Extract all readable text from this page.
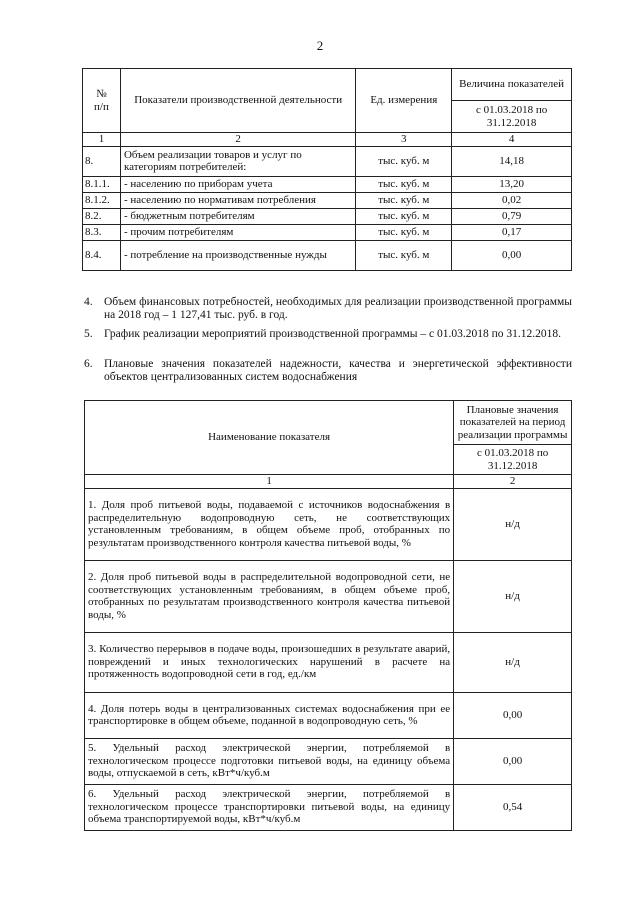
2
№
п/п	Показатели производственной деятельности	Ед. измерения	Величина показателей
			с 01.03.2018 по 31.12.2018
1	2	3	4
8.	Объем реализации товаров и услуг по категориям потребителей:	тыс. куб. м	14,18
8.1.1.	- населению по приборам учета	тыс. куб. м	13,20
8.1.2.	- населению по нормативам потребления	тыс. куб. м	0,02
8.2.	- бюджетным потребителям	тыс. куб. м	0,79
8.3.	- прочим потребителям	тыс. куб. м	0,17
8.4.	- потребление на производственные нужды	тыс. куб. м	0,00
4. Объем финансовых потребностей, необходимых для реализации производственной программы на 2018 год – 1 127,41 тыс. руб. в год.
5. График реализации мероприятий производственной программы – с 01.03.2018 по 31.12.2018.
6. Плановые значения показателей надежности, качества и энергетической эффективности объектов централизованных систем водоснабжения
Наименование показателя	Плановые значения показателей на период реализации программы
	с 01.03.2018 по 31.12.2018
1	2
1. Доля проб питьевой воды, подаваемой с источников водоснабжения в распределительную водопроводную сеть, не соответствующих установленным требованиям, в общем объеме проб, отобранных по результатам производственного контроля качества питьевой воды, %	н/д
2. Доля проб питьевой воды в распределительной водопроводной сети, не соответствующих установленным требованиям, в общем объеме проб, отобранных по результатам производственного контроля качества питьевой воды, %	н/д
3. Количество перерывов в подаче воды, произошедших в результате аварий, повреждений и иных технологических нарушений в расчете на протяженность водопроводной сети в год, ед./км	н/д
4. Доля потерь воды в централизованных системах водоснабжения при ее транспортировке в общем объеме, поданной в водопроводную сеть, %	0,00
5. Удельный расход электрической энергии, потребляемой в технологическом процессе подготовки питьевой воды, на единицу объема воды, отпускаемой в сеть, кВт*ч/куб.м	0,00
6. Удельный расход электрической энергии, потребляемой в технологическом процессе транспортировки питьевой воды, на единицу объема транспортируемой воды, кВт*ч/куб.м	0,54
